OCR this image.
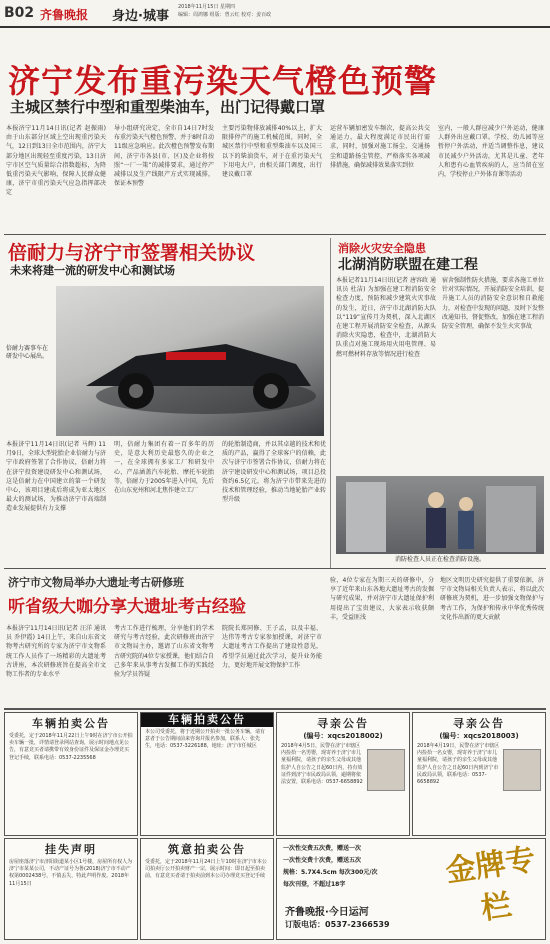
B02 齐鲁晚报 身边·城事
2018年11月15日 星期四
编辑：周鸿娜 组版：曾云红 校对：姜百政
济宁发布重污染天气橙色预警
主城区禁行中型和重型柴油车，出门记得戴口罩
本报济宁11月14日讯(记者 赵振雨) 由于山东部分区域上空出现重污染天气，12日到13日全市范围内，济宁大部分地区出现轻至重度污染，13日济宁市区空气质量综合指数超标，为降低重污染天气影响，保障人民群众健康，济宁市重污染天气应急指挥部决定
导小组研究决定，全市自14日7时发布重污染天气橙色预警，并于8时自动11级应急响应。此次橙色预警发布期间，济宁市各县(市、区)及企业将按照“一厂一策”的减排要求，通过停产减排以及生产线限产方式实现减排，保证本预警
主要污染物排放减排40%以上，扩大限排停产的施工机械范围，同时，全城区禁行中型和重型柴油车以及国三以下的柴油货车，对于在重污染天气下用电大户，由相关部门调度，出行建议戴口罩
运营车辆加密发车频次，提高公共交通运力，最大程度满足市民出行需求，同时，加强对施工扬尘、交通扬尘和道路扬尘管控，严格落实各项减排措施，确保减排效果落实到位
室内，一般人群应减少户外运动，健康人群外出应戴口罩。学校、幼儿园等应暂停户外活动，并适当调整作息，建议市民减少户外活动，尤其是儿童、老年人和患有心血管疾病的人，应当留在室内，学校停止户外体育课等活动
倍耐力与济宁市签署相关协议
未来将建一流的研发中心和测试场
倍耐力赛事车在研发中心展出。
本报济宁11月14日讯(记者 马辉) 11月9日，全球大型轮胎企业倍耐力与济宁市政府签署了合作协议，倍耐力将在济宁投资建设研发中心和测试场，这是倍耐力在中国建立的第一个研发中心，该项目建成后将成为亚太地区最大的测试场，为推动济宁市高端制造业发展提供有力支撑
明，倍耐力集团有着一百多年的历史，是意大利历史最悠久的企业之一，在全球拥有多家工厂和研发中心，产品涵盖汽车轮胎、摩托车轮胎等，倍耐力于2005年进入中国，先后在山东兖州和河北焦作建立工厂
的轮胎制造商，并以其卓越的技术和优质的产品，赢得了全球客户的信赖，此次与济宁市签署合作协议，倍耐力将在济宁建设研发中心和测试场，项目总投资约6.5亿元，将为济宁市带来先进的技术和管理经验，推动当地轮胎产业转型升级
消除火灾安全隐患
北湖消防联盟在建工程
本报记者11月14日讯(记者 唐容政 通讯员 杜洁) 为加强在建工程消防安全检查力度，预防和减少建筑火灾事故的发生，近日，济宁市北湖消防大队以“119”宣传月为契机，深入北湖区在建工程开展消防安全检查，从源头消除火灾隐患，检查中，北湖消防大队重点对施工现场用火用电管理、易燃可燃材料存放等情况进行检查
宿舍强制性防火措施，要求各施工单位针对实际情况，开展消防安全培训，提升施工人员的消防安全意识和自救能力，对检查中发现的问题，及时下发整改通知书，督促整改，加强在建工程消防安全管理，确保不发生火灾事故
消防检查人员正在检查消防设施。
济宁市文物局举办大遗址考古研修班
听省级大咖分享大遗址考古经验
本报济宁11月14日讯(记者 汪洋 通讯员 乔伊霞) 14日上午，来自山东省文物考古研究所的专家为济宁市文物系统工作人员作了一场精彩的大遗址考古讲座，本次研修班旨在提高全市文物工作者的专业水平
考古工作进行梳理，分享他们的学术研究与考古经验，此次研修班由济宁市文物局主办，邀请了山东省文物考古研究院的4位专家授课，他们结合自己多年来从事考古发掘工作的实践经验为学员答疑
院院长郑同修、王子孟，以及丰福、达伟等考古专家参加授课，对济宁市大遗址考古工作提出了建设性意见，希望学员通过此次学习，提升业务能力，更好地开展文物保护工作
验，4位专家在为期三天的研修中，分享了近年来山东各地大遗址考古的发掘与研究成果，并对济宁市大遗址保护利用提出了宝贵建议，大家表示收获颇丰，受益匪浅
地区文明历史研究提供了重要依据，济宁市文物局相关负责人表示，将以此次研修班为契机，进一步加强文物保护与考古工作，为保护和传承中华优秀传统文化作出新的更大贡献
车辆拍卖公告
受委托，定于2018年11月22日上午9时在济宁市公开拍卖车辆一批，详情请登录网站查询，展示时间地点见公告，有意竞买者请携带有效身份证件及保证金办理竞买登记手续，联系电话：0537-2235568
车辆拍卖公告
本公司受委托，将于近期公开拍卖一批公务车辆，请有意者于公告期间前来咨询并报名参加，联系人：张先生，电话：0537-3226188，地址：济宁市任城区
寻亲公告
(编号：xqcs2018002)
2018年4月5日，民警在济宁市辖区内捡拾一名男婴，现寄养于济宁市儿童福利院，请孩子的亲生父母或其他监护人自公告之日起60日内，持有效证件到济宁市民政局认领，逾期将依法安置，联系电话：0537-6658892
寻亲公告
(编号：xqcs2018003)
2018年4月19日，民警在济宁市辖区内捡拾一名女婴，现寄养于济宁市儿童福利院，请孩子的亲生父母或其他监护人自公告之日起60日内到济宁市民政局认领，联系电话：0537-6658892
挂失声明
房屋座落济宁市济阳街道某小区1号楼，房屋所有权人为济宁市某某公司，不动产证号为鲁(2018)济宁市不动产权第0002438号，不慎丢失，特此声明作废。2018年11月15日
筑意拍卖公告
受委托，定于2018年11月24日上午10时在济宁市本公司拍卖厅公开拍卖财产一宗，展示时间：即日起至拍卖前，有意竞买者请于拍卖前到本公司办理竞买登记手续
一次性交费五次费，赠送一次
一次性交费十次费，赠送五次
规格：5.7X4.5cm 每次300元/次
每次刊登，不超过18字
齐鲁晚报·今日运河
订版电话：0537-2366539
金牌专栏
